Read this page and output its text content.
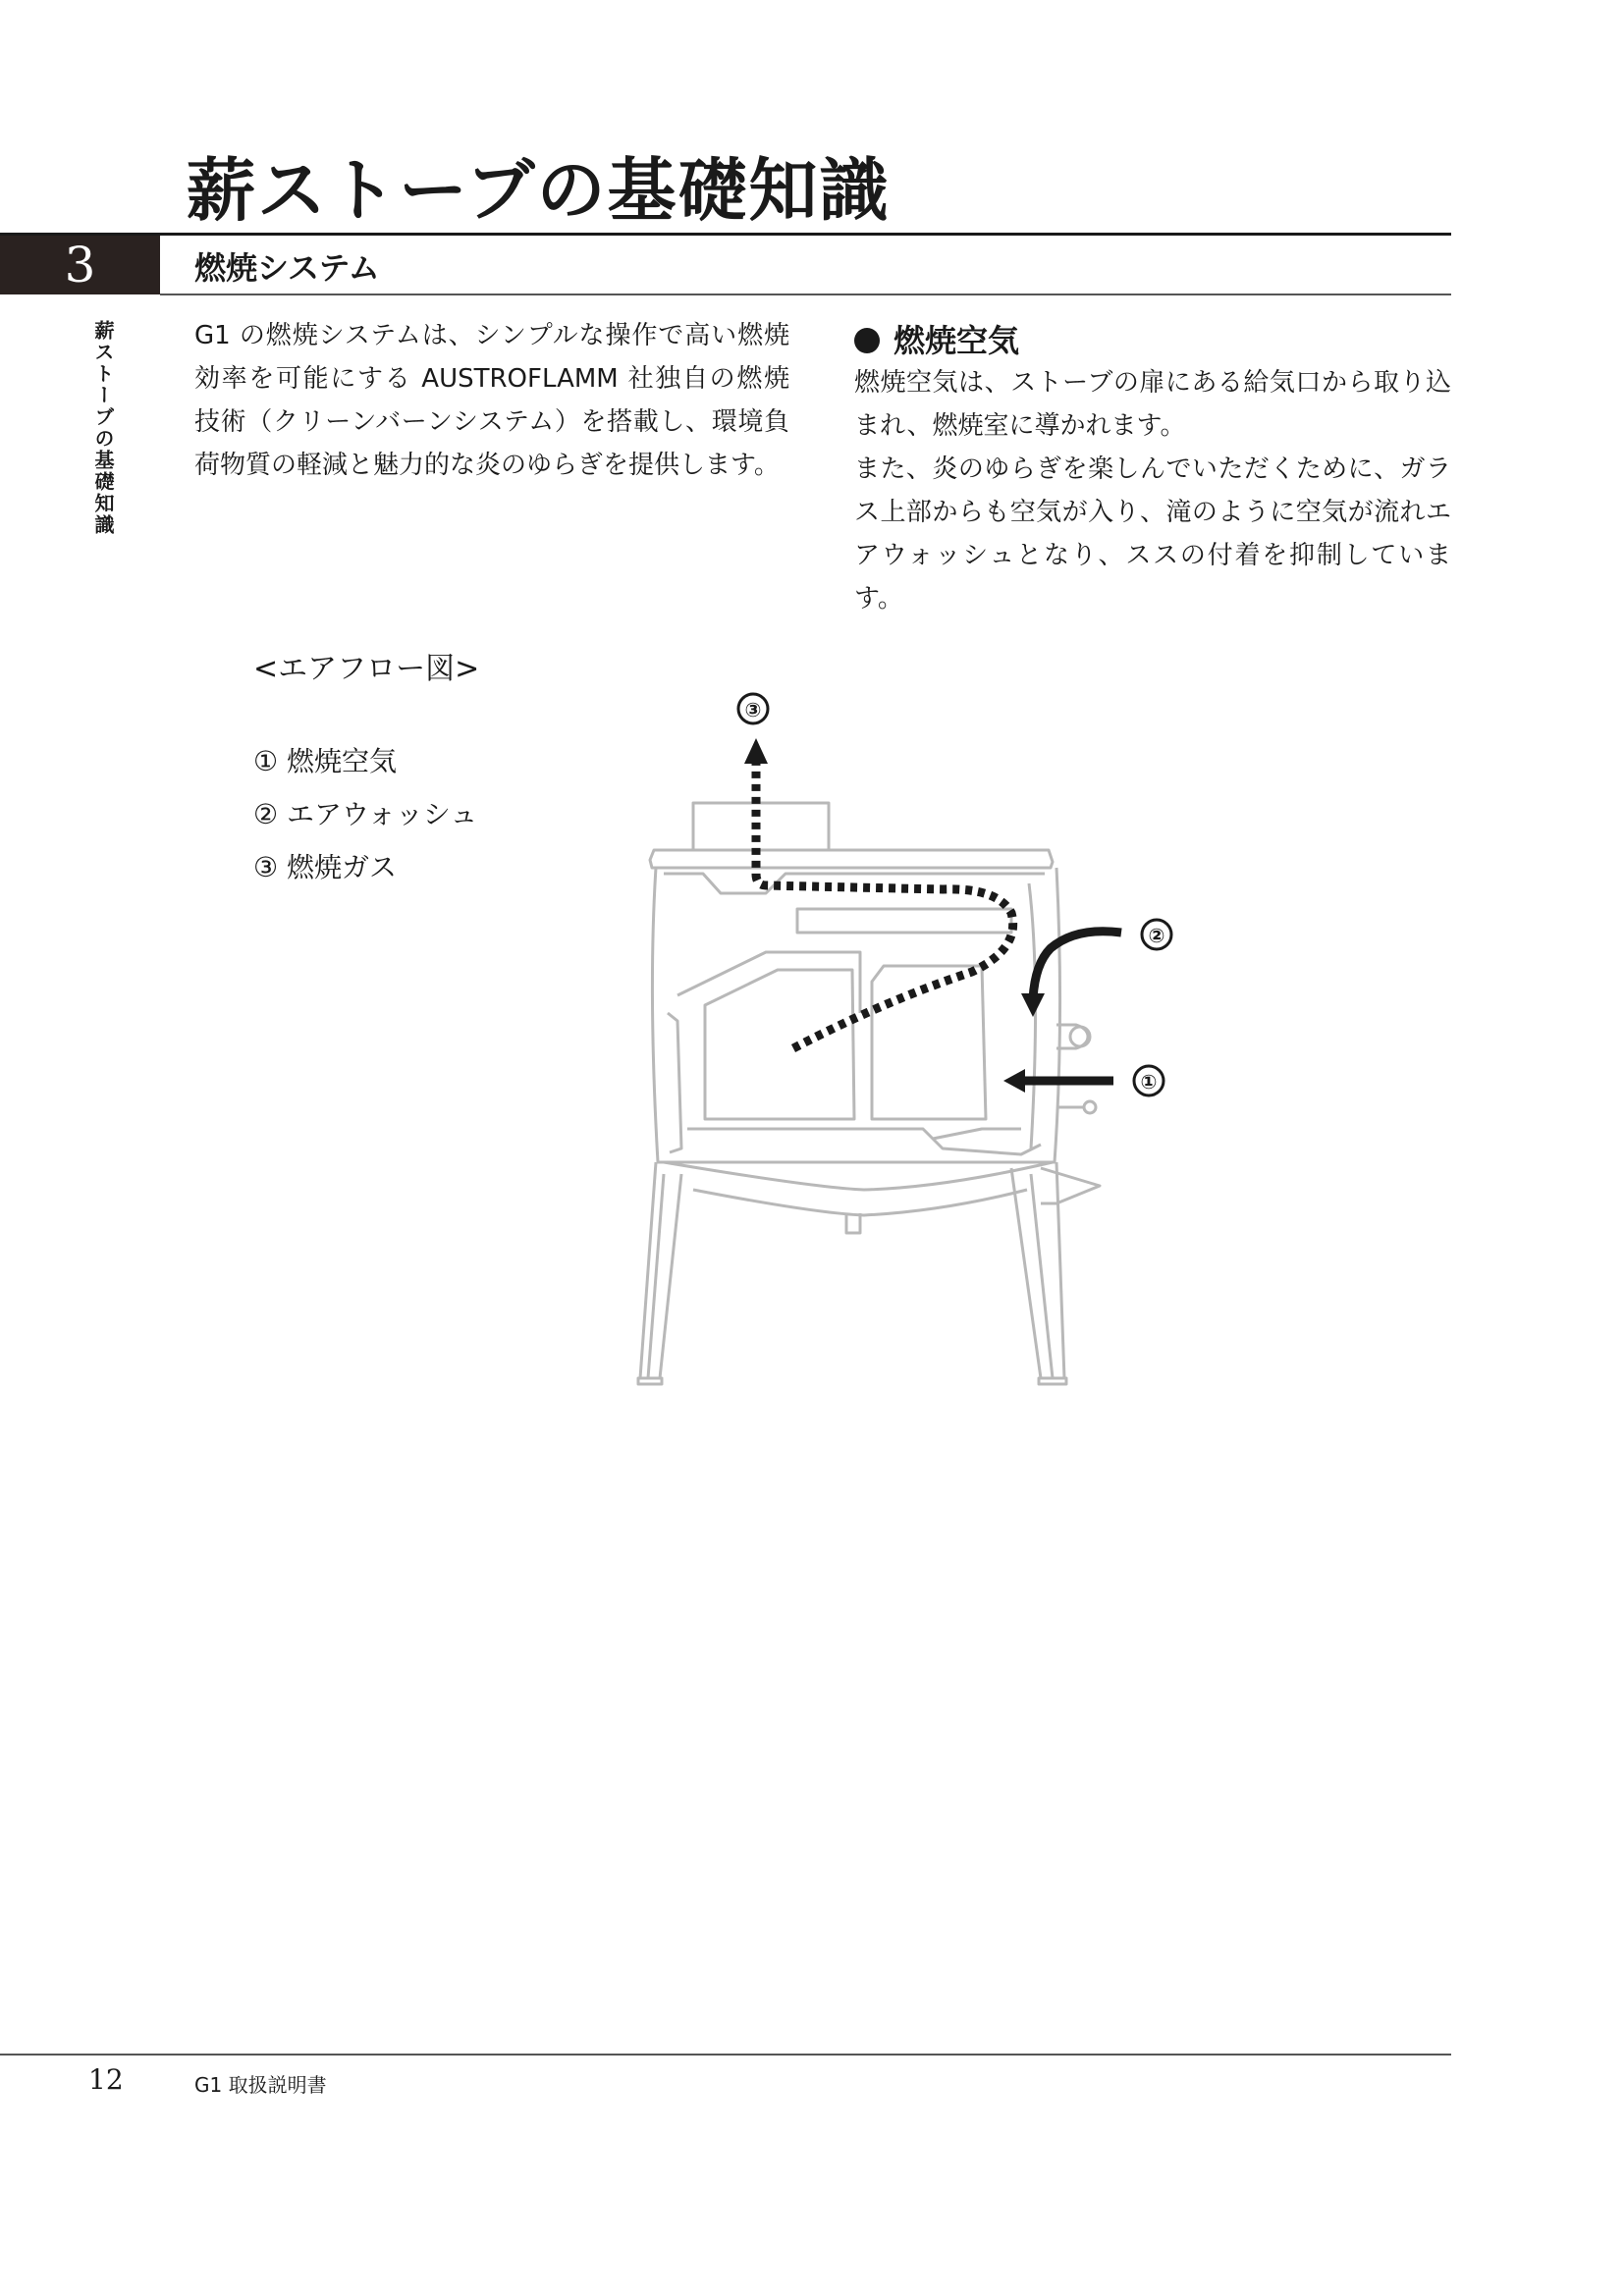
薪ストーブの基礎知識
3	燃焼システム
薪ストーブの基礎知識	G1 の燃焼システムは、シンプルな操作で高い燃焼効率を可能にする AUSTROFLAMM 社独自の燃焼技術（クリーンバーンシステム）を搭載し、環境負荷物質の軽減と魅力的な炎のゆらぎを提供します。
燃焼空気

燃焼空気は、ストーブの扉にある給気口から取り込まれ、燃焼室に導かれます。

また、炎のゆらぎを楽しんでいただくために、ガラス上部からも空気が入り、滝のように空気が流れエアウォッシュとなり、ススの付着を抑制しています。

<エアフロー図>
① 燃焼空気
② エアウォッシュ
③ 燃焼ガス
③
②
①
12	G1 取扱説明書
